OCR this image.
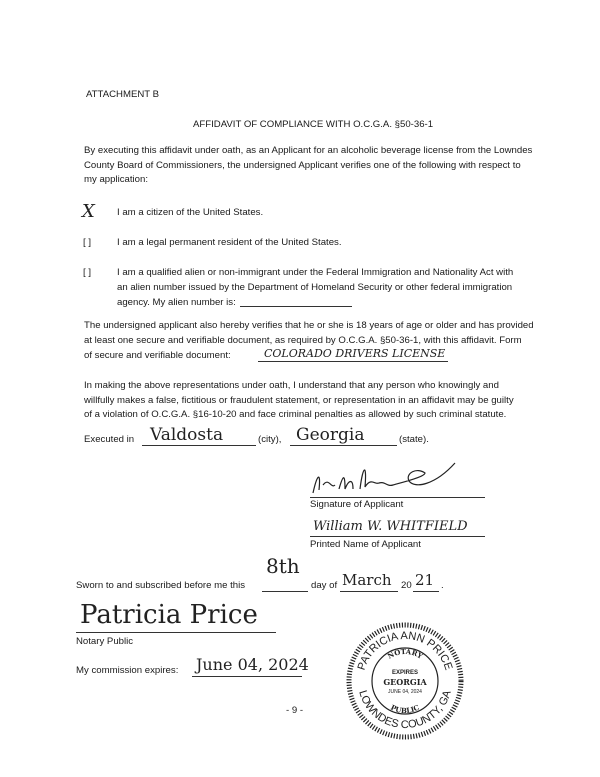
ATTACHMENT B
AFFIDAVIT OF COMPLIANCE WITH O.C.G.A. §50-36-1
By executing this affidavit under oath, as an Applicant for an alcoholic beverage license from the Lowndes
County Board of Commissioners, the undersigned Applicant verifies one of the following with respect to
my application:
X I am a citizen of the United States.
[ ]	I am a legal permanent resident of the United States.
[ ]	I am a qualified alien or non-immigrant under the Federal Immigration and Nationality Act with
an alien number issued by the Department of Homeland Security or other federal immigration
agency. My alien number is:
The undersigned applicant also hereby verifies that he or she is 18 years of age or older and has provided
at least one secure and verifiable document, as required by O.C.G.A. §50-36-1, with this affidavit. Form
of secure and verifiable document:	COLORADO DRIVERS LICENSE
In making the above representations under oath, I understand that any person who knowingly and
willfully makes a false, fictitious or fraudulent statement, or representation in an affidavit may be guilty
of a violation of O.C.G.A. §16-10-20 and face criminal penalties as allowed by such criminal statute.
Executed in Valdosta	(city), Georgia	(state).
Signature of Applicant
William W. WHITFIELD
Printed Name of Applicant
Sworn to and subscribed before me this
8th
day of March 20 21 .
Patricia Price
Notary Public
My commission expires: June 04, 2024
- 9 -
PATRICIA ANN PRICE
LOWNDES COUNTY, GA
NOTARY
PUBLIC
EXPIRES
GEORGIA
JUNE 04, 2024
